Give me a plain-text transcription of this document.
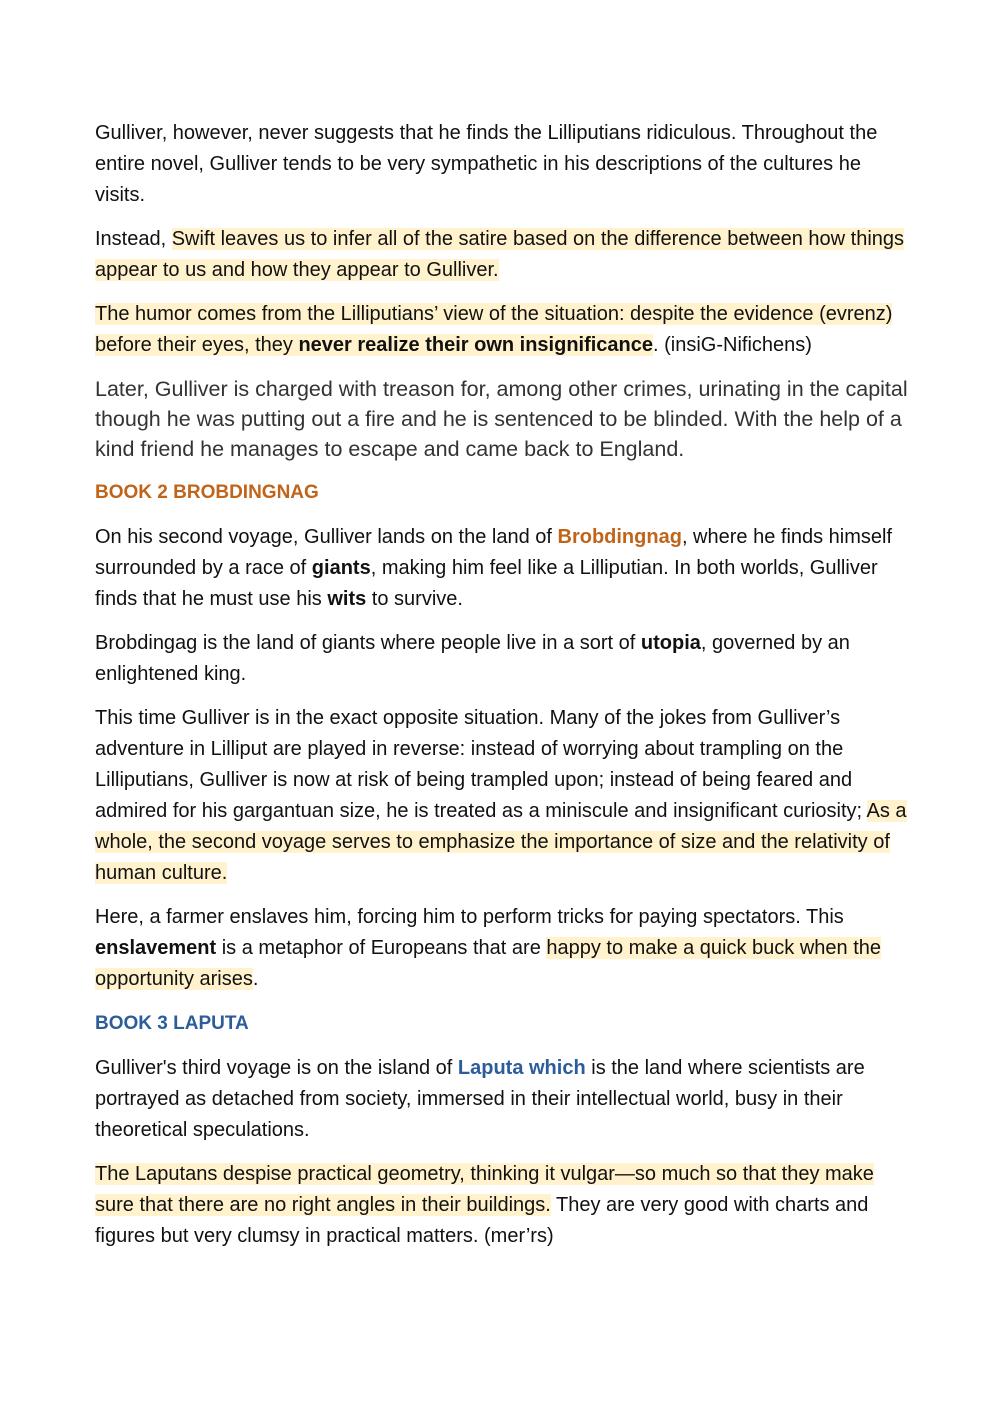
Gulliver, however, never suggests that he finds the Lilliputians ridiculous. Throughout the entire novel, Gulliver tends to be very sympathetic in his descriptions of the cultures he visits.

Instead, Swift leaves us to infer all of the satire based on the difference between how things appear to us and how they appear to Gulliver.

The humor comes from the Lilliputians’ view of the situation: despite the evidence (evrenz) before their eyes, they never realize their own insignificance. (insiG-Nifichens)

Later, Gulliver is charged with treason for, among other crimes, urinating in the capital though he was putting out a fire and he is sentenced to be blinded. With the help of a kind friend he manages to escape and came back to England.

BOOK 2 BROBDINGNAG

On his second voyage, Gulliver lands on the land of Brobdingnag, where he finds himself surrounded by a race of giants, making him feel like a Lilliputian. In both worlds, Gulliver finds that he must use his wits to survive.

Brobdingag is the land of giants where people live in a sort of utopia, governed by an enlightened king.

This time Gulliver is in the exact opposite situation. Many of the jokes from Gulliver’s adventure in Lilliput are played in reverse: instead of worrying about trampling on the Lilliputians, Gulliver is now at risk of being trampled upon; instead of being feared and admired for his gargantuan size, he is treated as a miniscule and insignificant curiosity; As a whole, the second voyage serves to emphasize the importance of size and the relativity of human culture.

Here, a farmer enslaves him, forcing him to perform tricks for paying spectators. This enslavement is a metaphor of Europeans that are happy to make a quick buck when the opportunity arises.

BOOK 3 LAPUTA

Gulliver's third voyage is on the island of Laputa which is the land where scientists are portrayed as detached from society, immersed in their intellectual world, busy in their theoretical speculations.

The Laputans despise practical geometry, thinking it vulgar—so much so that they make sure that there are no right angles in their buildings. They are very good with charts and figures but very clumsy in practical matters. (mer’rs)
